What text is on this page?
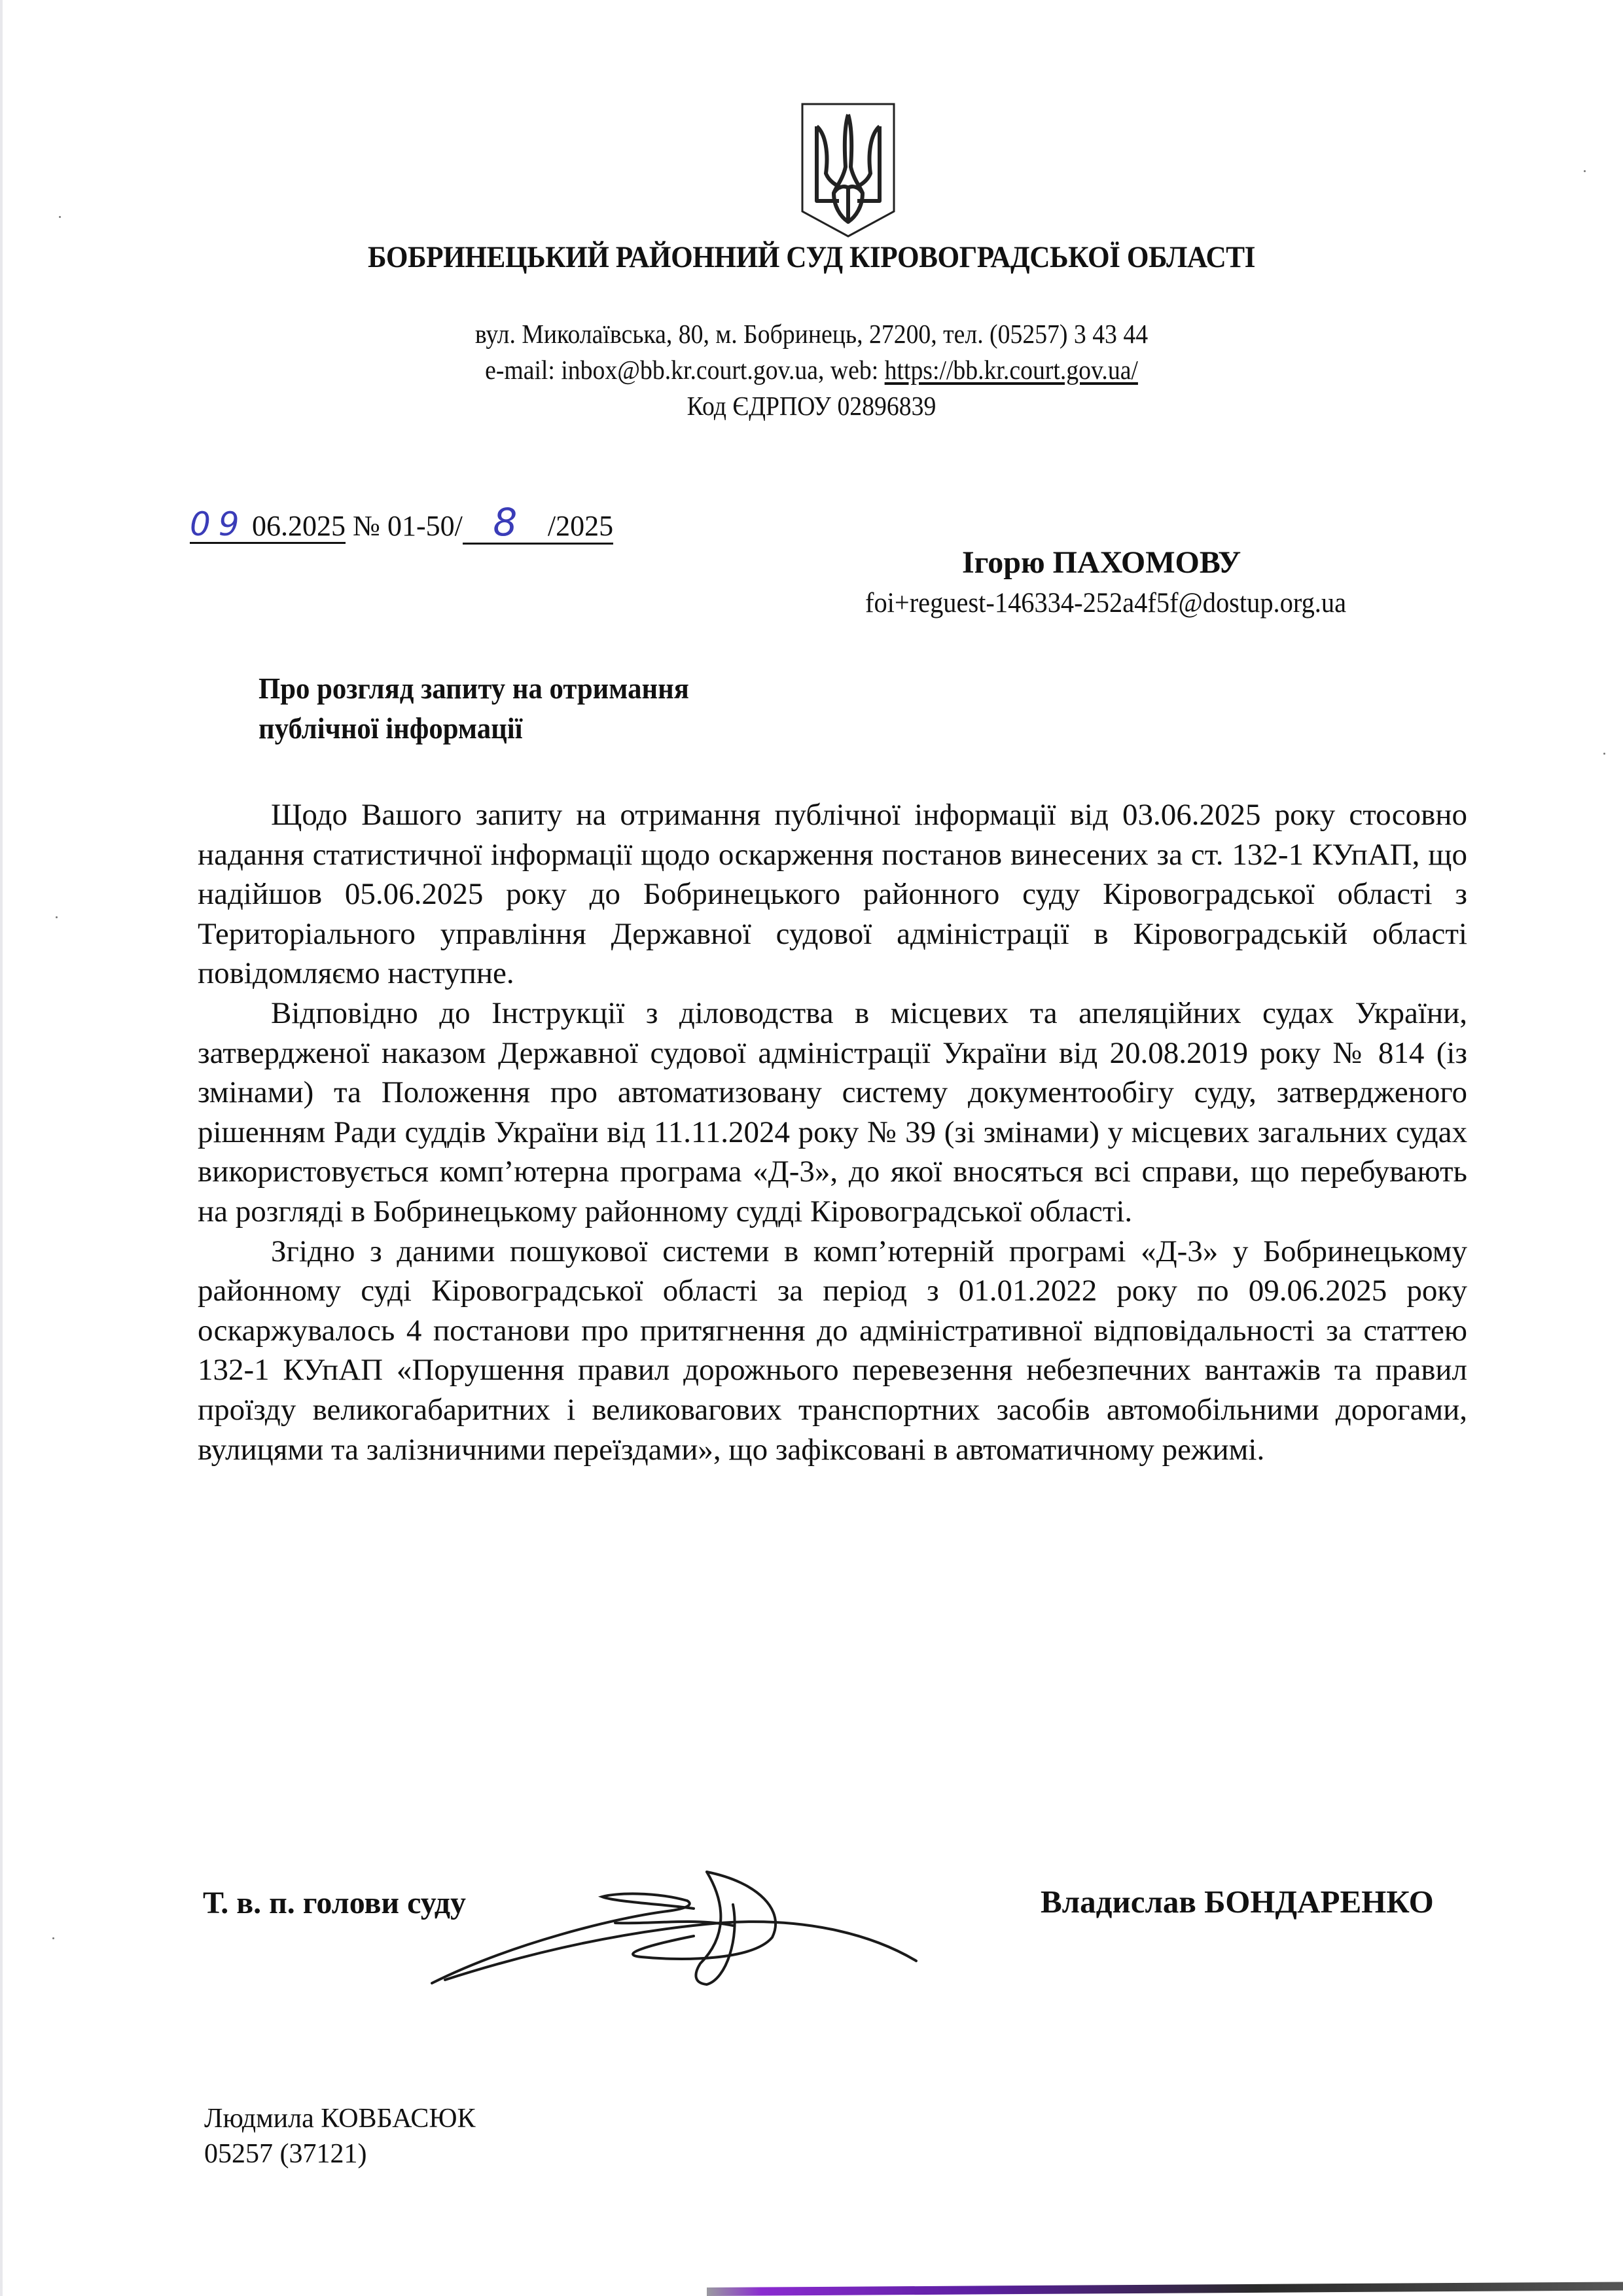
БОБРИНЕЦЬКИЙ РАЙОННИЙ СУД КІРОВОГРАДСЬКОЇ ОБЛАСТІ
вул. Миколаївська, 80, м. Бобринець, 27200, тел. (05257) 3 43 44
e-mail: inbox@bb.kr.court.gov.ua, web: https://bb.kr.court.gov.ua/
Код ЄДРПОУ 02896839
09 06.2025 № 01-50/ 8 /2025
Ігорю ПАХОМОВУ
foi+reguest-146334-252a4f5f@dostup.org.ua
Про розгляд запиту на отримання
публічної інформації

Щодо Вашого запиту на отримання публічної інформації від 03.06.2025 року стосовно надання статистичної інформації щодо оскарження постанов винесених за ст. 132-1 КУпАП, що надійшов 05.06.2025 року до Бобринецького районного суду Кіровоградської області з Територіального управління Державної судової адміністрації в Кіровоградській області повідомляємо наступне.

Відповідно до Інструкції з діловодства в місцевих та апеляційних судах України, затвердженої наказом Державної судової адміністрації України від 20.08.2019 року № 814 (із змінами) та Положення про автоматизовану систему документообігу суду, затвердженого рішенням Ради суддів України від 11.11.2024 року № 39 (зі змінами) у місцевих загальних судах використовується комп’ютерна програма «Д-3», до якої вносяться всі справи, що перебувають на розгляді в Бобринецькому районному судді Кіровоградської області.

Згідно з даними пошукової системи в комп’ютерній програмі «Д-3» у Бобринецькому районному суді Кіровоградської області за період з 01.01.2022 року по 09.06.2025 року оскаржувалось 4 постанови про притягнення до адміністративної відповідальності за статтею 132-1 КУпАП «Порушення правил дорожнього перевезення небезпечних вантажів та правил проїзду великогабаритних і великовагових транспортних засобів автомобільними дорогами, вулицями та залізничними переїздами», що зафіксовані в автоматичному режимі.

Т. в. п. голови суду	Владислав БОНДАРЕНКО
Людмила КОВБАСЮК
05257 (37121)
